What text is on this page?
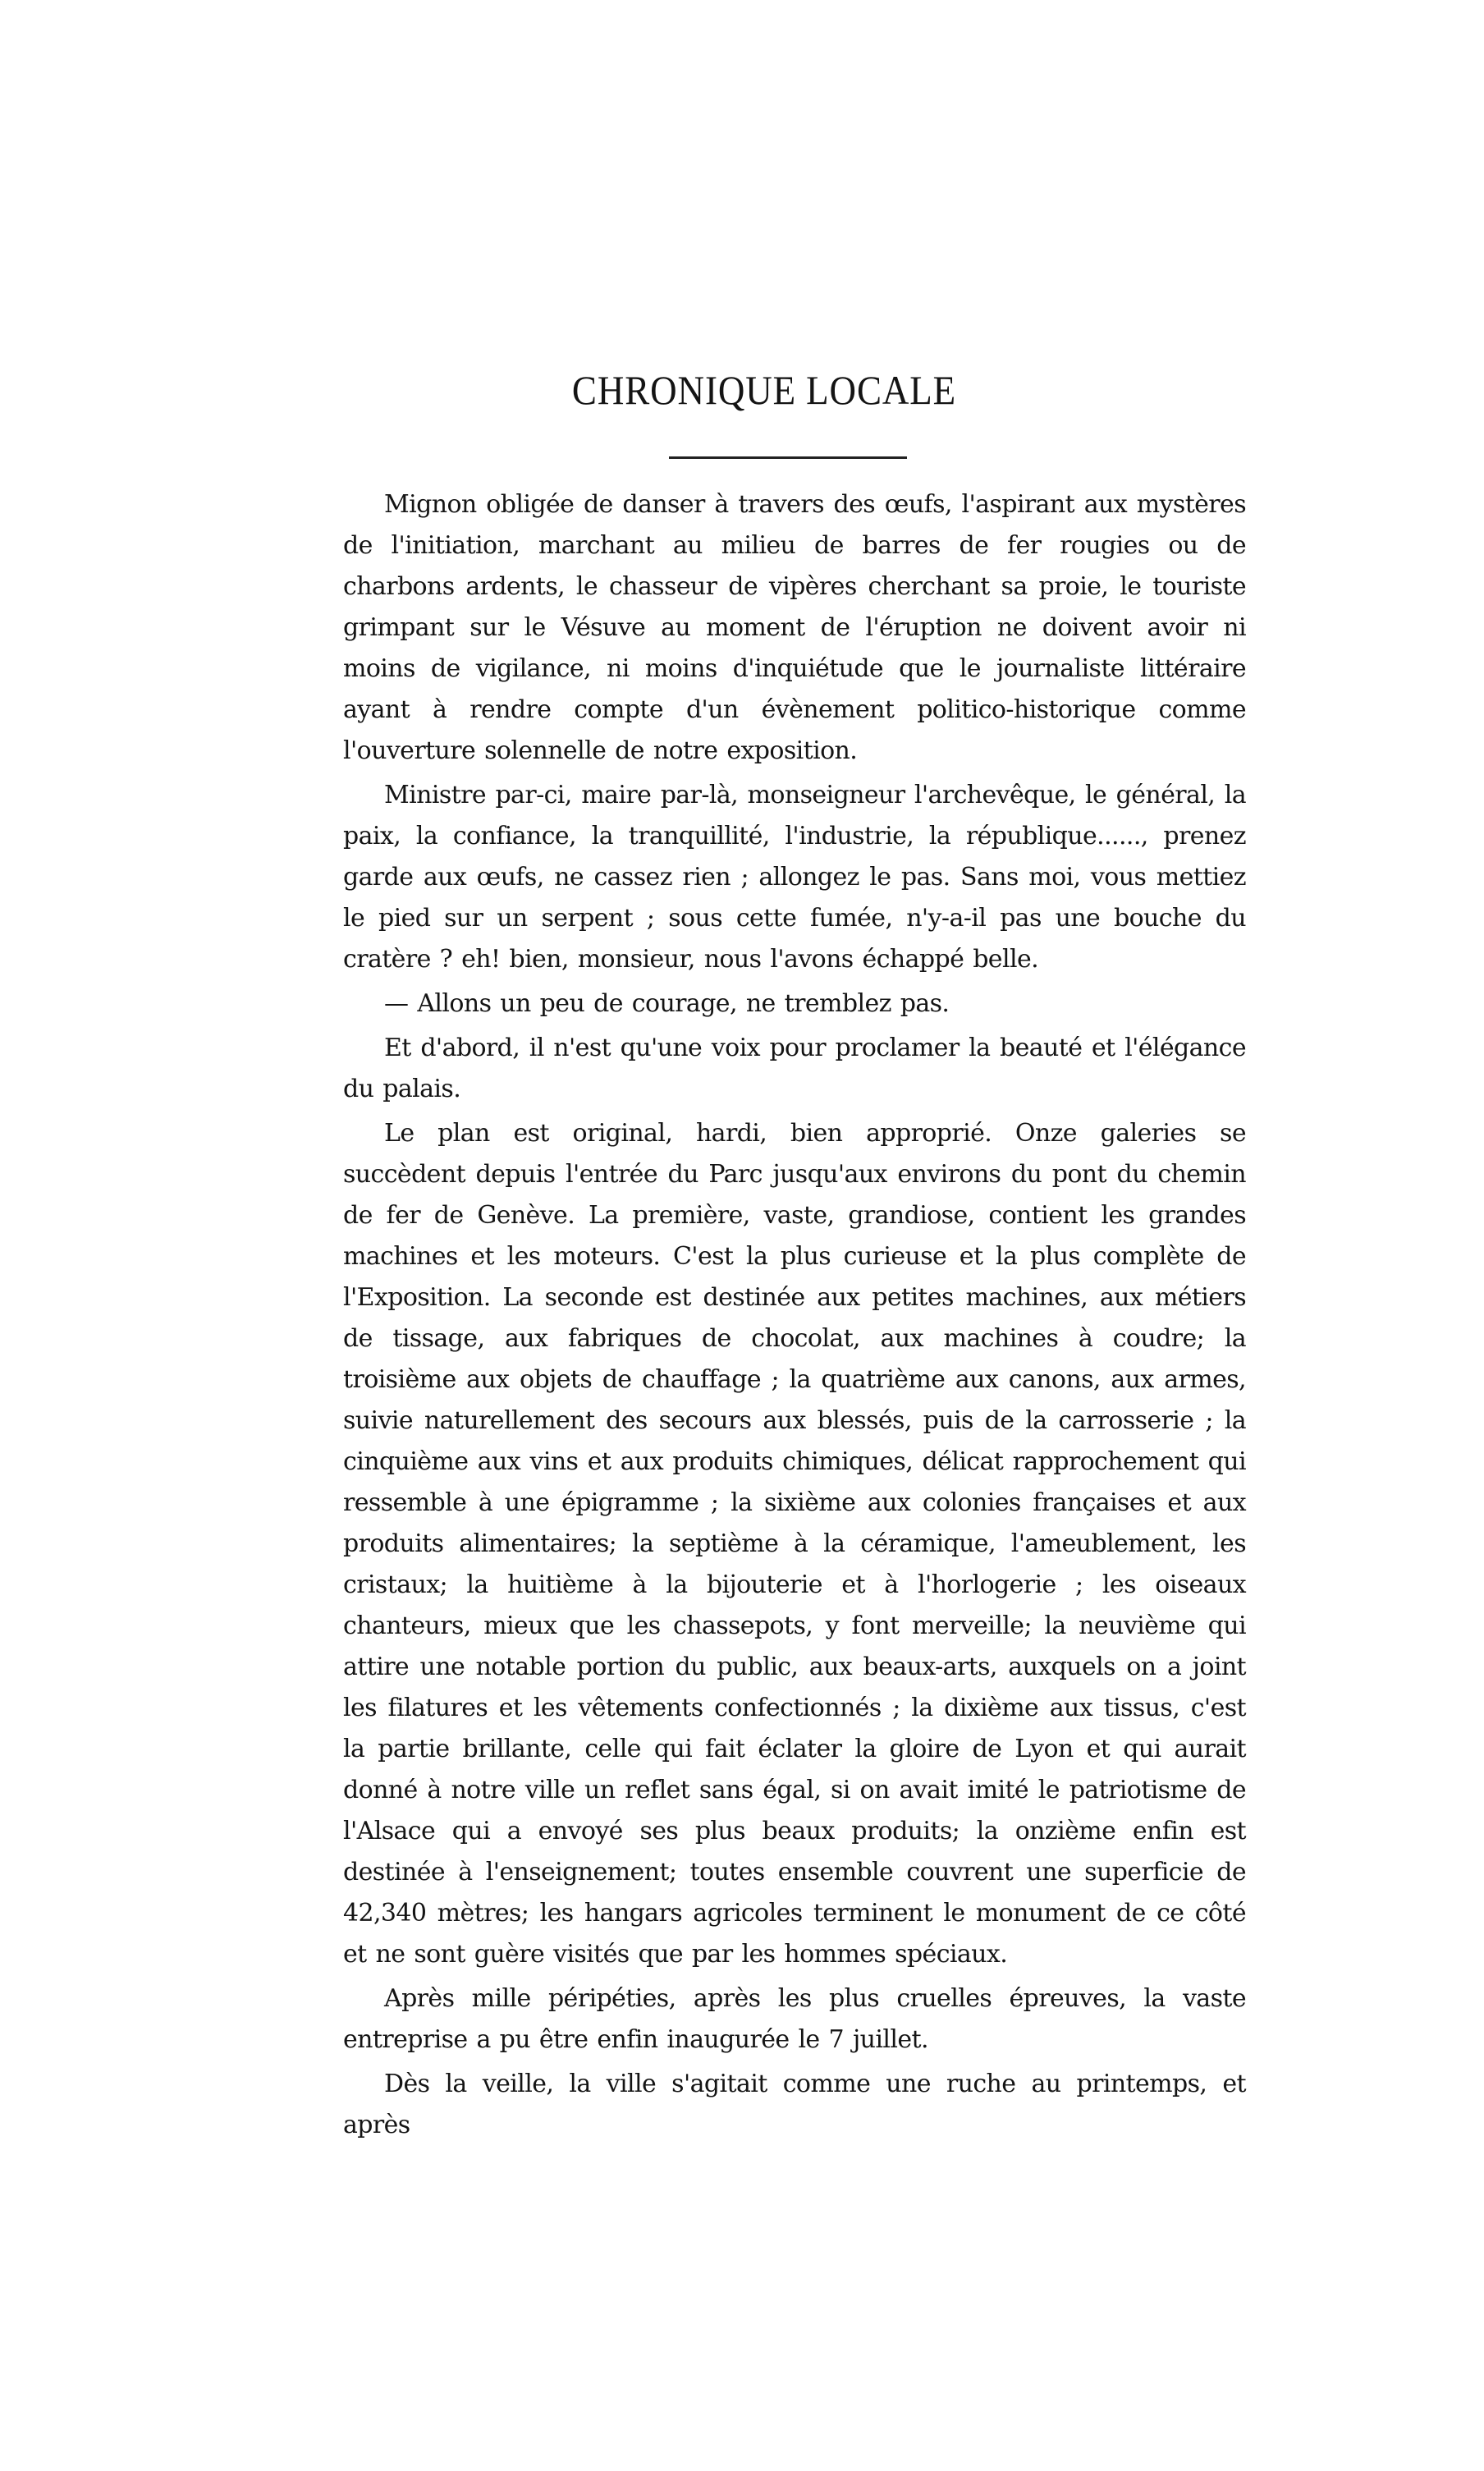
CHRONIQUE LOCALE

Mignon obligée de danser à travers des œufs, l'aspirant aux mystères de l'initiation, marchant au milieu de barres de fer rougies ou de charbons ardents, le chasseur de vipères cherchant sa proie, le touriste grimpant sur le Vésuve au moment de l'éruption ne doivent avoir ni moins de vigilance, ni moins d'inquiétude que le journaliste littéraire ayant à rendre compte d'un évènement politico-historique comme l'ouverture solennelle de notre exposition.

Ministre par-ci, maire par-là, monseigneur l'archevêque, le général, la paix, la confiance, la tranquillité, l'industrie, la république......, prenez garde aux œufs, ne cassez rien ; allongez le pas. Sans moi, vous mettiez le pied sur un serpent ; sous cette fumée, n'y-a-il pas une bouche du cratère ? eh! bien, monsieur, nous l'avons échappé belle.

— Allons un peu de courage, ne tremblez pas.

Et d'abord, il n'est qu'une voix pour proclamer la beauté et l'élégance du palais.

Le plan est original, hardi, bien approprié. Onze galeries se succèdent depuis l'entrée du Parc jusqu'aux environs du pont du chemin de fer de Genève. La première, vaste, grandiose, contient les grandes machines et les moteurs. C'est la plus curieuse et la plus complète de l'Exposition. La seconde est destinée aux petites machines, aux métiers de tissage, aux fabriques de chocolat, aux machines à coudre; la troisième aux objets de chauffage ; la quatrième aux canons, aux armes, suivie naturellement des secours aux blessés, puis de la carrosserie ; la cinquième aux vins et aux produits chimiques, délicat rapprochement qui ressemble à une épigramme ; la sixième aux colonies françaises et aux produits alimentaires; la septième à la céramique, l'ameublement, les cristaux; la huitième à la bijouterie et à l'horlogerie ; les oiseaux chanteurs, mieux que les chassepots, y font merveille; la neuvième qui attire une notable portion du public, aux beaux-arts, auxquels on a joint les filatures et les vêtements confectionnés ; la dixième aux tissus, c'est la partie brillante, celle qui fait éclater la gloire de Lyon et qui aurait donné à notre ville un reflet sans égal, si on avait imité le patriotisme de l'Alsace qui a envoyé ses plus beaux produits; la onzième enfin est destinée à l'enseignement; toutes ensemble couvrent une superficie de 42,340 mètres; les hangars agricoles terminent le monument de ce côté et ne sont guère visités que par les hommes spéciaux.

Après mille péripéties, après les plus cruelles épreuves, la vaste entreprise a pu être enfin inaugurée le 7 juillet.

Dès la veille, la ville s'agitait comme une ruche au printemps, et après
